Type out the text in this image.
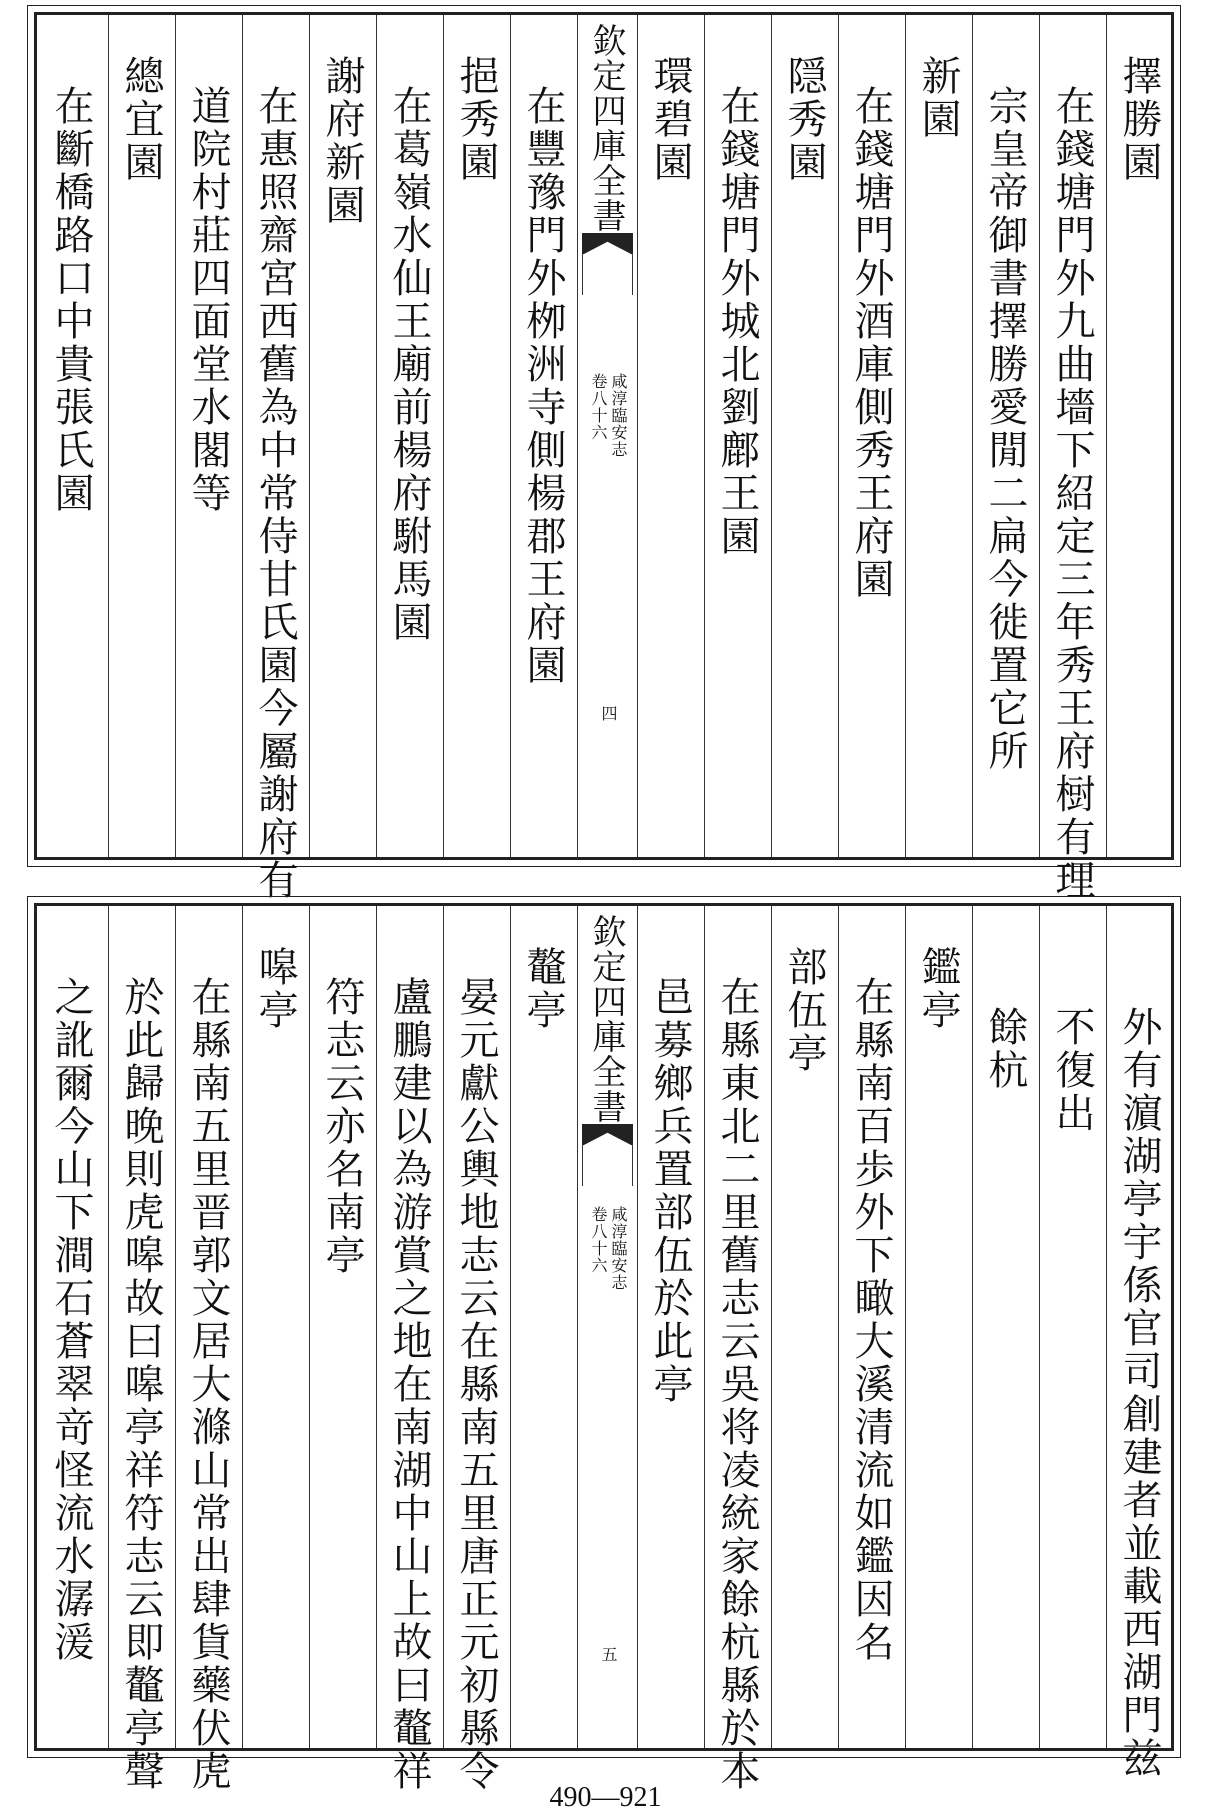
擇勝園
在錢塘門外九曲墻下紹定三年秀王府𣗳有理
宗皇帝御書擇勝愛閒二扁今徙置它所
新園
在錢塘門外酒庫側秀王府園
隠秀園
在錢塘門外城北劉鄜王園
環碧園
欽定四庫全書
咸淳臨安志
卷八十六
四
在豐豫門外栁洲寺側楊郡王府園
挹秀園
在葛嶺水仙王廟前楊府駙馬園
謝府新園
在惠照齋宮西舊為中常侍甘氏園今屬謝府有
道院村莊四面堂水閣等
總宜園
在斷橋路口中貴張氏園
外有濵湖亭宇係官司創建者並載西湖門兹
不復出
餘杭
鑑亭
在縣南百歩外下瞰大溪清流如鑑因名
部伍亭
在縣東北二里舊志云吳将凌統家餘杭縣於本
邑募鄉兵置部伍於此亭
欽定四庫全書
咸淳臨安志
卷八十六
五
鼇亭
晏元獻公輿地志云在縣南五里唐正元初縣令
盧鵬建以為游賞之地在南湖中山上故曰鼇祥
符志云亦名南亭
嗥亭
在縣南五里晋郭文居大滌山常出肆貨藥伏虎
於此歸晚則虎嗥故曰嗥亭祥符志云即鼇亭聲
之訛爾今山下澗石蒼翠竒怪流水潺湲
490—921
